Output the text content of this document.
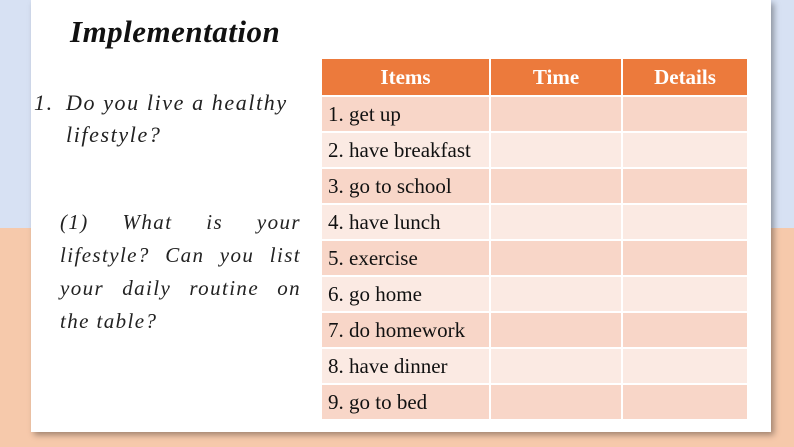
Implementation
1. Do you live a healthy
lifestyle?
(1) What is your lifestyle? Can you list your daily routine on the table?
Items	Time	Details
1. get up		
2. have breakfast		
3. go to school		
4. have lunch		
5. exercise		
6. go home		
7. do homework		
8. have dinner		
9. go to bed		
